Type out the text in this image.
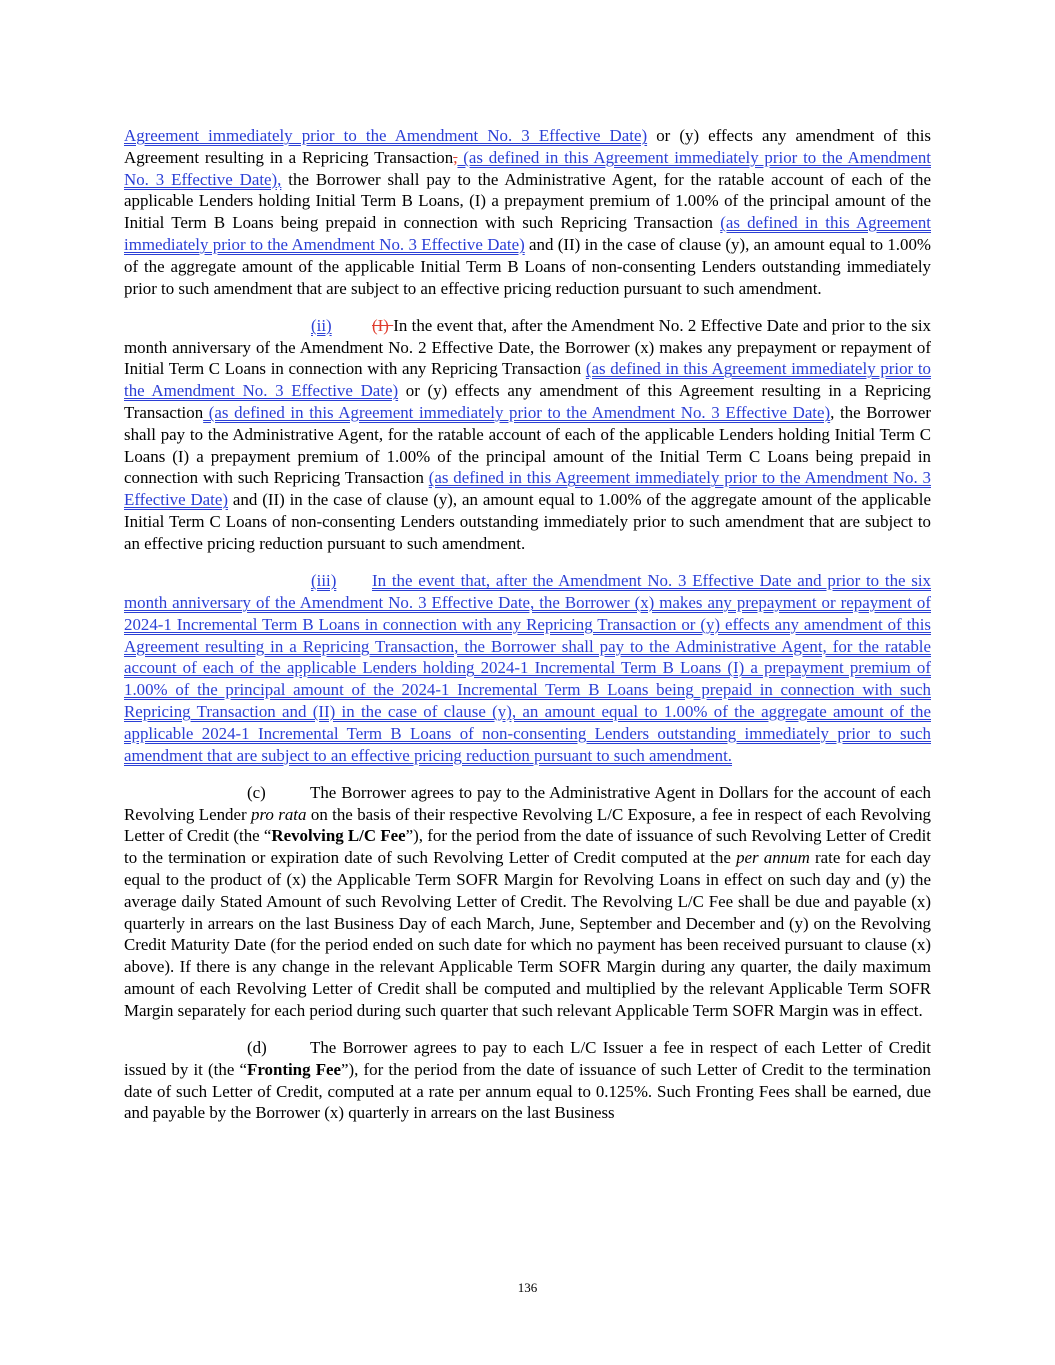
Agreement immediately prior to the Amendment No. 3 Effective Date) or (y) effects any amendment of this Agreement resulting in a Repricing Transaction, (as defined in this Agreement immediately prior to the Amendment No. 3 Effective Date), the Borrower shall pay to the Administrative Agent, for the ratable account of each of the applicable Lenders holding Initial Term B Loans, (I) a prepayment premium of 1.00% of the principal amount of the Initial Term B Loans being prepaid in connection with such Repricing Transaction (as defined in this Agreement immediately prior to the Amendment No. 3 Effective Date) and (II) in the case of clause (y), an amount equal to 1.00% of the aggregate amount of the applicable Initial Term B Loans of non-consenting Lenders outstanding immediately prior to such amendment that are subject to an effective pricing reduction pursuant to such amendment.

(ii) (I) In the event that, after the Amendment No. 2 Effective Date and prior to the six month anniversary of the Amendment No. 2 Effective Date, the Borrower (x) makes any prepayment or repayment of Initial Term C Loans in connection with any Repricing Transaction (as defined in this Agreement immediately prior to the Amendment No. 3 Effective Date) or (y) effects any amendment of this Agreement resulting in a Repricing Transaction (as defined in this Agreement immediately prior to the Amendment No. 3 Effective Date), the Borrower shall pay to the Administrative Agent, for the ratable account of each of the applicable Lenders holding Initial Term C Loans (I) a prepayment premium of 1.00% of the principal amount of the Initial Term C Loans being prepaid in connection with such Repricing Transaction (as defined in this Agreement immediately prior to the Amendment No. 3 Effective Date) and (II) in the case of clause (y), an amount equal to 1.00% of the aggregate amount of the applicable Initial Term C Loans of non-consenting Lenders outstanding immediately prior to such amendment that are subject to an effective pricing reduction pursuant to such amendment.

(iii) In the event that, after the Amendment No. 3 Effective Date and prior to the six month anniversary of the Amendment No. 3 Effective Date, the Borrower (x) makes any prepayment or repayment of 2024-1 Incremental Term B Loans in connection with any Repricing Transaction or (y) effects any amendment of this Agreement resulting in a Repricing Transaction, the Borrower shall pay to the Administrative Agent, for the ratable account of each of the applicable Lenders holding 2024-1 Incremental Term B Loans (I) a prepayment premium of 1.00% of the principal amount of the 2024-1 Incremental Term B Loans being prepaid in connection with such Repricing Transaction and (II) in the case of clause (y), an amount equal to 1.00% of the aggregate amount of the applicable 2024-1 Incremental Term B Loans of non-consenting Lenders outstanding immediately prior to such amendment that are subject to an effective pricing reduction pursuant to such amendment.

(c)	The Borrower agrees to pay to the Administrative Agent in Dollars for the account of each Revolving Lender pro rata on the basis of their respective Revolving L/C Exposure, a fee in respect of each Revolving Letter of Credit (the “Revolving L/C Fee”), for the period from the date of issuance of such Revolving Letter of Credit to the termination or expiration date of such Revolving Letter of Credit computed at the per annum rate for each day equal to the product of (x) the Applicable Term SOFR Margin for Revolving Loans in effect on such day and (y) the average daily Stated Amount of such Revolving Letter of Credit. The Revolving L/C Fee shall be due and payable (x) quarterly in arrears on the last Business Day of each March, June, September and December and (y) on the Revolving Credit Maturity Date (for the period ended on such date for which no payment has been received pursuant to clause (x) above). If there is any change in the relevant Applicable Term SOFR Margin during any quarter, the daily maximum amount of each Revolving Letter of Credit shall be computed and multiplied by the relevant Applicable Term SOFR Margin separately for each period during such quarter that such relevant Applicable Term SOFR Margin was in effect.

(d)	The Borrower agrees to pay to each L/C Issuer a fee in respect of each Letter of Credit issued by it (the “Fronting Fee”), for the period from the date of issuance of such Letter of Credit to the termination date of such Letter of Credit, computed at a rate per annum equal to 0.125%. Such Fronting Fees shall be earned, due and payable by the Borrower (x) quarterly in arrears on the last Business

136
